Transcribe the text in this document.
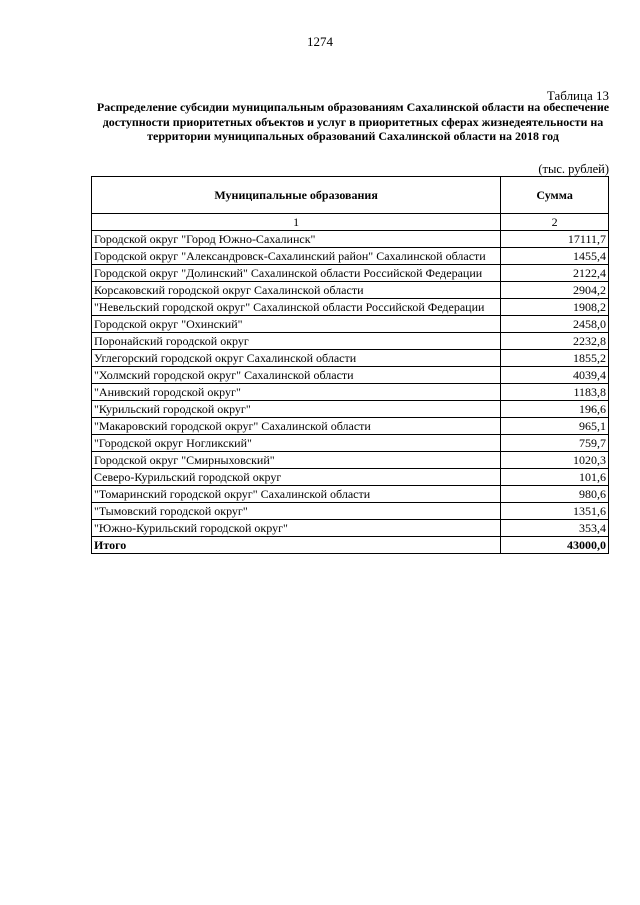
1274
Таблица 13
Распределение субсидии муниципальным образованиям Сахалинской области на обеспечение доступности приоритетных объектов и услуг в приоритетных сферах жизнедеятельности на территории муниципальных образований Сахалинской области на 2018 год
(тыс. рублей)
Муниципальные образования	Сумма
1	2
Городской округ "Город Южно-Сахалинск"	17111,7
Городской округ "Александровск-Сахалинский район" Сахалинской области	1455,4
Городской округ "Долинский" Сахалинской области Российской Федерации	2122,4
Корсаковский городской округ Сахалинской области	2904,2
"Невельский городской округ" Сахалинской области Российской Федерации	1908,2
Городской округ "Охинский"	2458,0
Поронайский городской округ	2232,8
Углегорский городской округ Сахалинской области	1855,2
"Холмский городской округ" Сахалинской области	4039,4
"Анивский городской округ"	1183,8
"Курильский городской округ"	196,6
"Макаровский городской округ" Сахалинской области	965,1
"Городской округ Ногликский"	759,7
Городской округ "Смирныховский"	1020,3
Северо-Курильский городской округ	101,6
"Томаринский городской округ" Сахалинской области	980,6
"Тымовский городской округ"	1351,6
"Южно-Курильский городской округ"	353,4
Итого	43000,0
